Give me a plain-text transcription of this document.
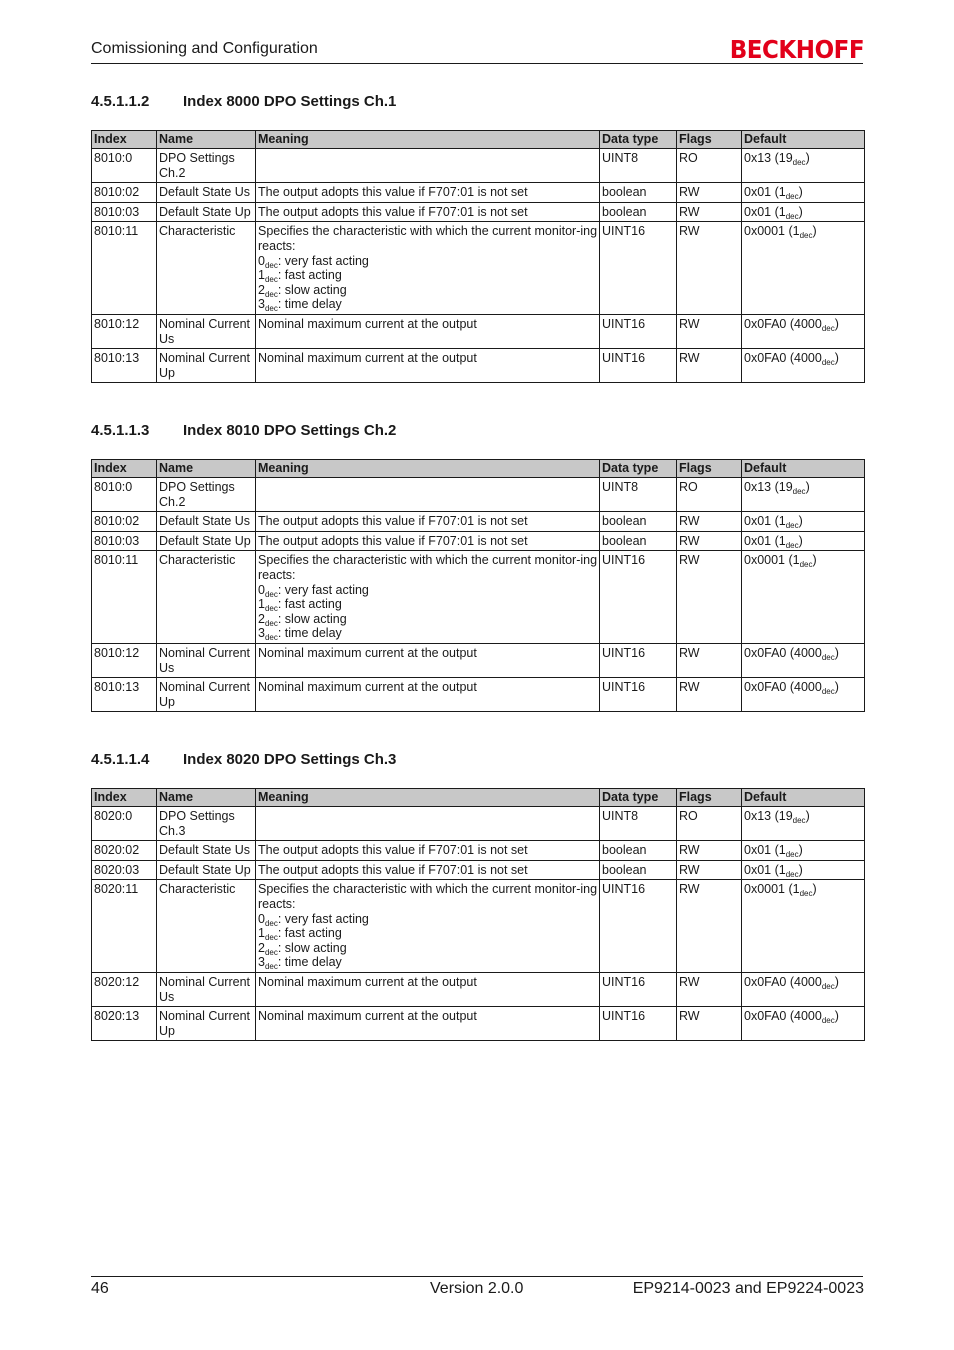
Comissioning and Configuration	BECKHOFF
4.5.1.1.2 Index 8000 DPO Settings Ch.1
Index	Name	Meaning	Data type	Flags	Default
8010:0	DPO Settings Ch.2		UINT8	RO	0x13 $(19_{dec})$
8010:02	Default State Us	The output adopts this value if F707:01 is not set	boolean	RW	0x01 $(1_{dec})$
8010:03	Default State Up	The output adopts this value if F707:01 is not set	boolean	RW	0x01 $(1_{dec})$
8010:11	Characteristic	Specifies the characteristic with which the current monitor-ing reacts:
$0_{dec}$: very fast acting
$1_{dec}$: fast acting
$2_{dec}$: slow acting
$3_{dec}$: time delay	UINT16	RW	0x0001 $(1_{dec})$
8010:12	Nominal Current Us	Nominal maximum current at the output	UINT16	RW	0x0FA0 $(4000_{dec})$
8010:13	Nominal Current Up	Nominal maximum current at the output	UINT16	RW	0x0FA0 $(4000_{dec})$
4.5.1.1.3 Index 8010 DPO Settings Ch.2
Index	Name	Meaning	Data type	Flags	Default
8010:0	DPO Settings Ch.2		UINT8	RO	0x13 $(19_{dec})$
8010:02	Default State Us	The output adopts this value if F707:01 is not set	boolean	RW	0x01 $(1_{dec})$
8010:03	Default State Up	The output adopts this value if F707:01 is not set	boolean	RW	0x01 $(1_{dec})$
8010:11	Characteristic	Specifies the characteristic with which the current monitor-ing reacts:
$0_{dec}$: very fast acting
$1_{dec}$: fast acting
$2_{dec}$: slow acting
$3_{dec}$: time delay	UINT16	RW	0x0001 $(1_{dec})$
8010:12	Nominal Current Us	Nominal maximum current at the output	UINT16	RW	0x0FA0 $(4000_{dec})$
8010:13	Nominal Current Up	Nominal maximum current at the output	UINT16	RW	0x0FA0 $(4000_{dec})$
4.5.1.1.4 Index 8020 DPO Settings Ch.3
Index	Name	Meaning	Data type	Flags	Default
8020:0	DPO Settings Ch.3		UINT8	RO	0x13 $(19_{dec})$
8020:02	Default State Us	The output adopts this value if F707:01 is not set	boolean	RW	0x01 $(1_{dec})$
8020:03	Default State Up	The output adopts this value if F707:01 is not set	boolean	RW	0x01 $(1_{dec})$
8020:11	Characteristic	Specifies the characteristic with which the current monitor-ing reacts:
$0_{dec}$: very fast acting
$1_{dec}$: fast acting
$2_{dec}$: slow acting
$3_{dec}$: time delay	UINT16	RW	0x0001 $(1_{dec})$
8020:12	Nominal Current Us	Nominal maximum current at the output	UINT16	RW	0x0FA0 $(4000_{dec})$
8020:13	Nominal Current Up	Nominal maximum current at the output	UINT16	RW	0x0FA0 $(4000_{dec})$
46	Version 2.0.0	EP9214-0023 and EP9224-0023
